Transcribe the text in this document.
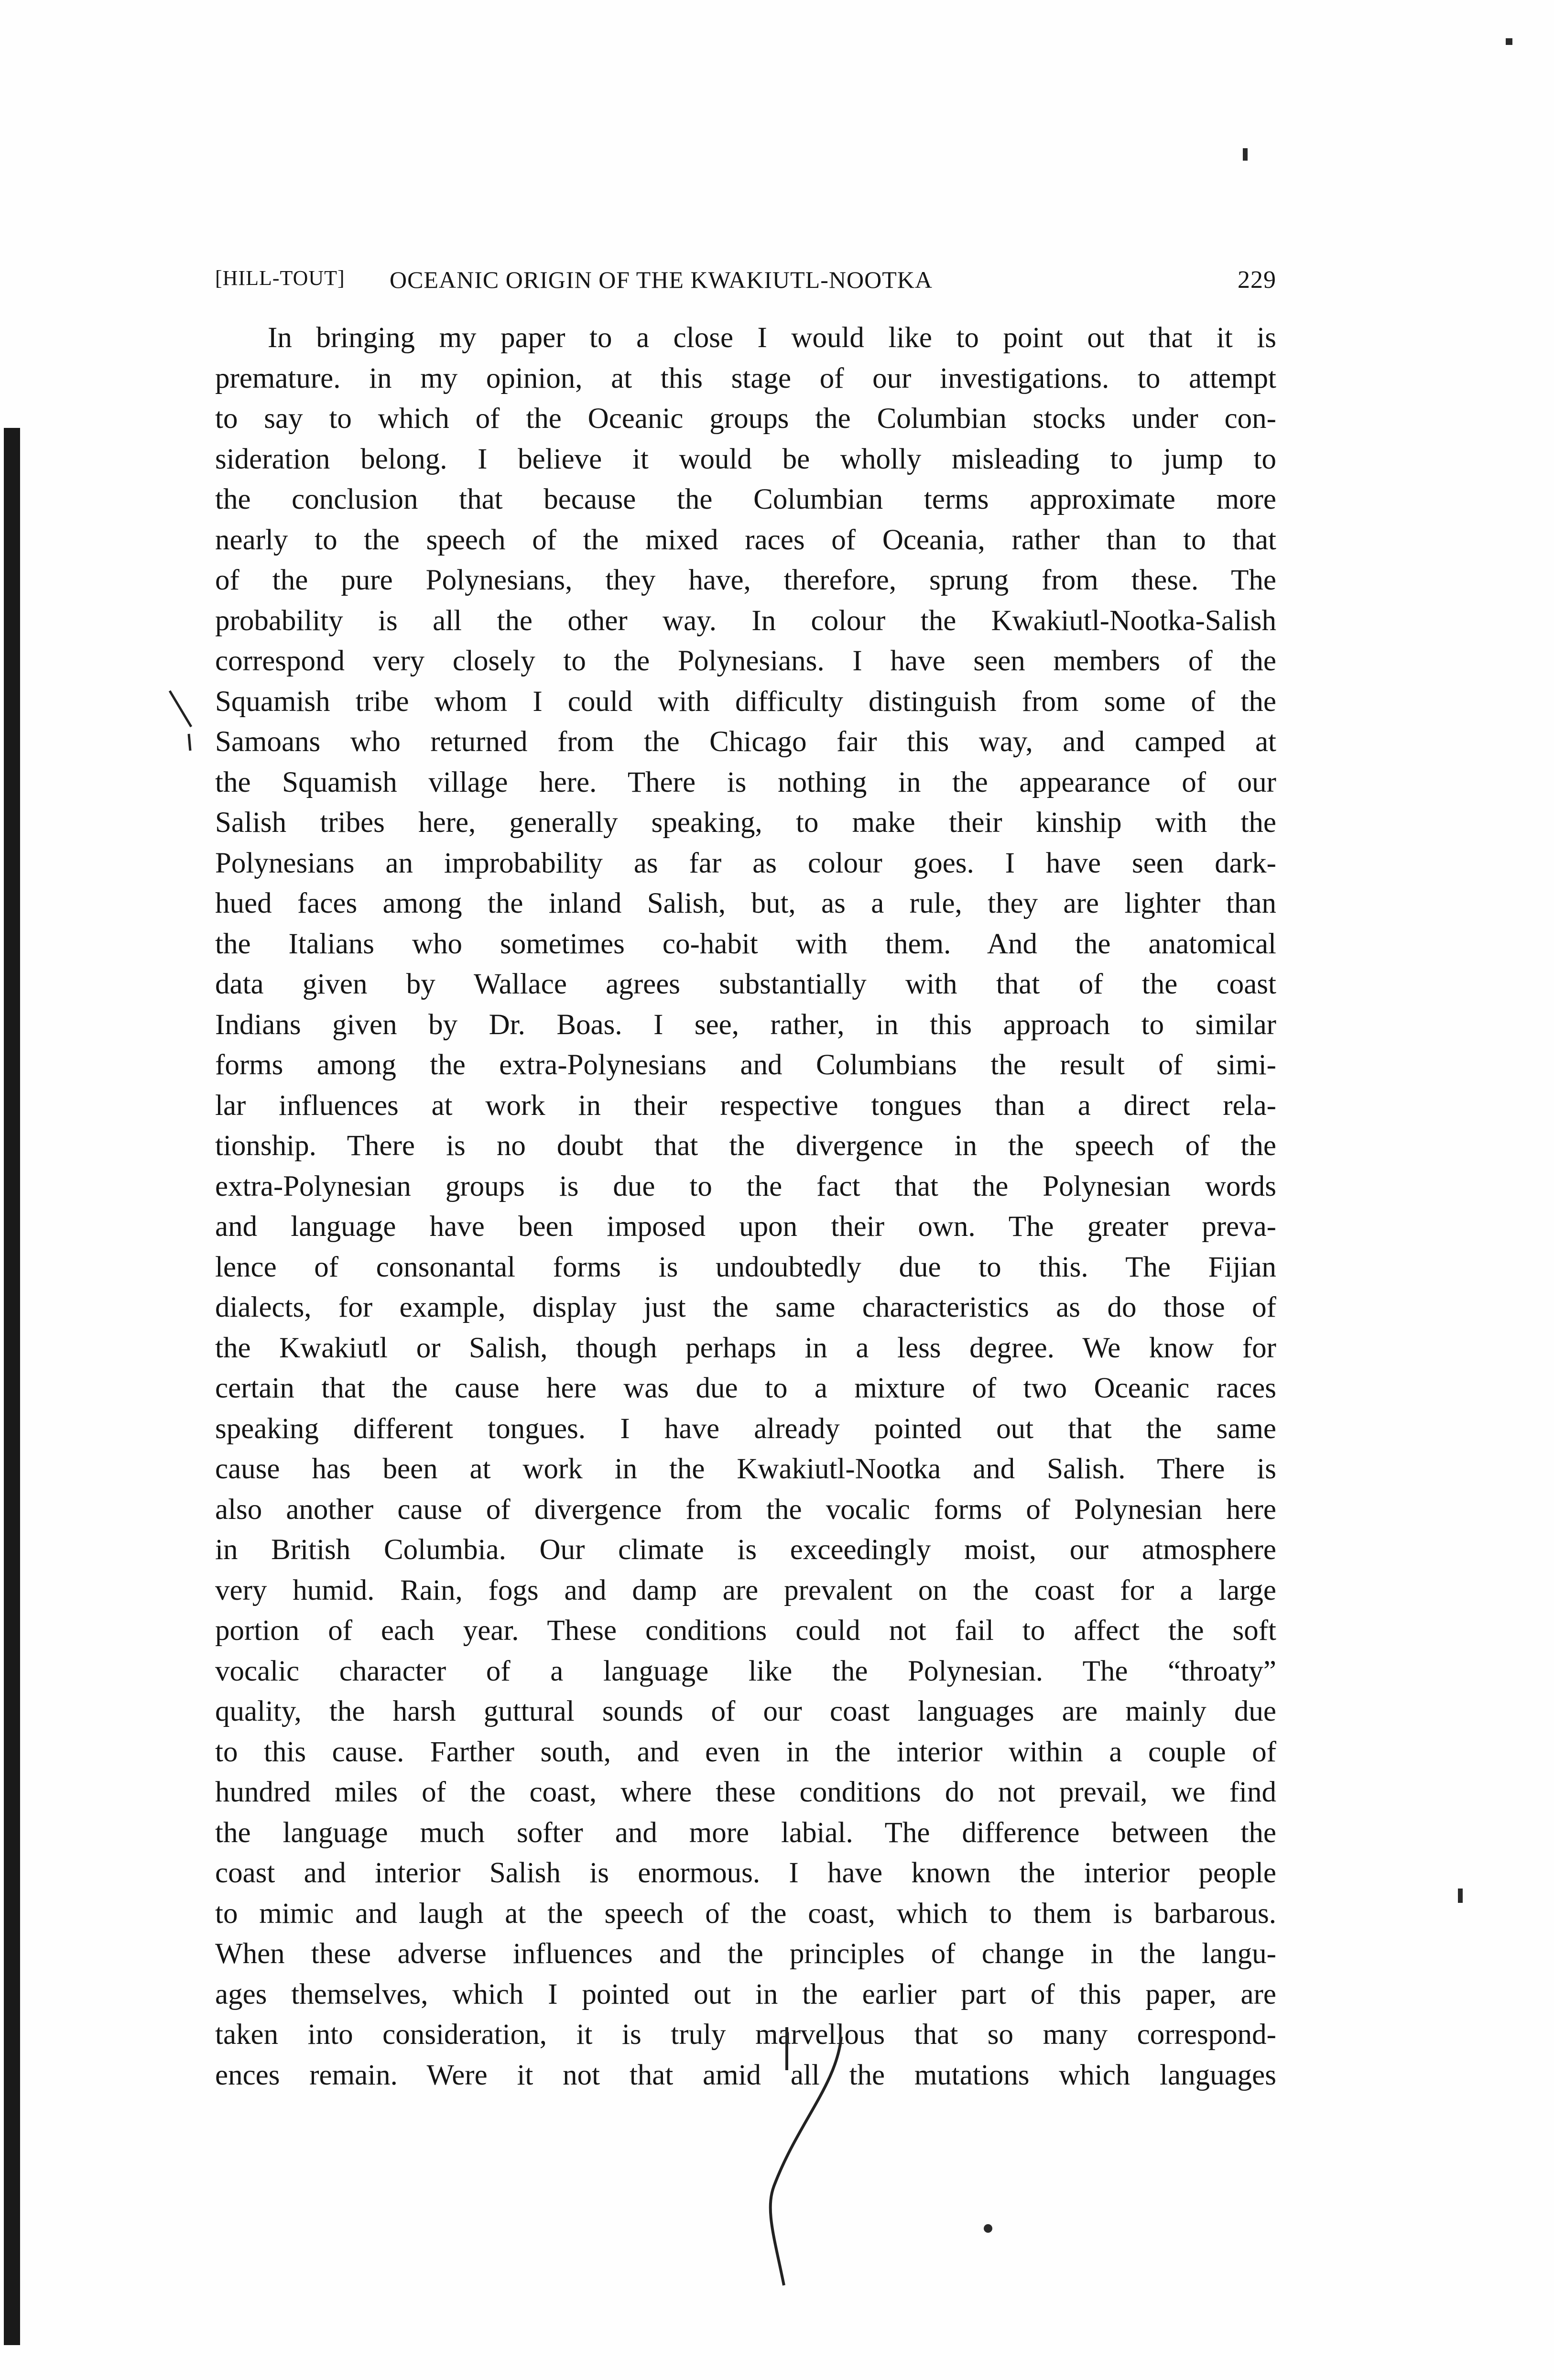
[HILL-TOUT] OCEANIC ORIGIN OF THE KWAKIUTL-NOOTKA	229
In bringing my paper to a close I would like to point out that it is
premature. in my opinion, at this stage of our investigations. to attempt
to say to which of the Oceanic groups the Columbian stocks under con-
sideration belong. I believe it would be wholly misleading to jump to
the conclusion that because the Columbian terms approximate more
nearly to the speech of the mixed races of Oceania, rather than to that
of the pure Polynesians, they have, therefore, sprung from these. The
probability is all the other way. In colour the Kwakiutl-Nootka-Salish
correspond very closely to the Polynesians. I have seen members of the
Squamish tribe whom I could with difficulty distinguish from some of the
Samoans who returned from the Chicago fair this way, and camped at
the Squamish village here. There is nothing in the appearance of our
Salish tribes here, generally speaking, to make their kinship with the
Polynesians an improbability as far as colour goes. I have seen dark-
hued faces among the inland Salish, but, as a rule, they are lighter than
the Italians who sometimes co-habit with them. And the anatomical
data given by Wallace agrees substantially with that of the coast
Indians given by Dr. Boas. I see, rather, in this approach to similar
forms among the extra-Polynesians and Columbians the result of simi-
lar influences at work in their respective tongues than a direct rela-
tionship. There is no doubt that the divergence in the speech of the
extra-Polynesian groups is due to the fact that the Polynesian words
and language have been imposed upon their own. The greater preva-
lence of consonantal forms is undoubtedly due to this. The Fijian
dialects, for example, display just the same characteristics as do those of
the Kwakiutl or Salish, though perhaps in a less degree. We know for
certain that the cause here was due to a mixture of two Oceanic races
speaking different tongues. I have already pointed out that the same
cause has been at work in the Kwakiutl-Nootka and Salish. There is
also another cause of divergence from the vocalic forms of Polynesian here
in British Columbia. Our climate is exceedingly moist, our atmosphere
very humid. Rain, fogs and damp are prevalent on the coast for a large
portion of each year. These conditions could not fail to affect the soft
vocalic character of a language like the Polynesian. The “throaty”
quality, the harsh guttural sounds of our coast languages are mainly due
to this cause. Farther south, and even in the interior within a couple of
hundred miles of the coast, where these conditions do not prevail, we find
the language much softer and more labial. The difference between the
coast and interior Salish is enormous. I have known the interior people
to mimic and laugh at the speech of the coast, which to them is barbarous.
When these adverse influences and the principles of change in the langu-
ages themselves, which I pointed out in the earlier part of this paper, are
taken into consideration, it is truly marvellous that so many correspond-
ences remain. Were it not that amid all the mutations which languages
